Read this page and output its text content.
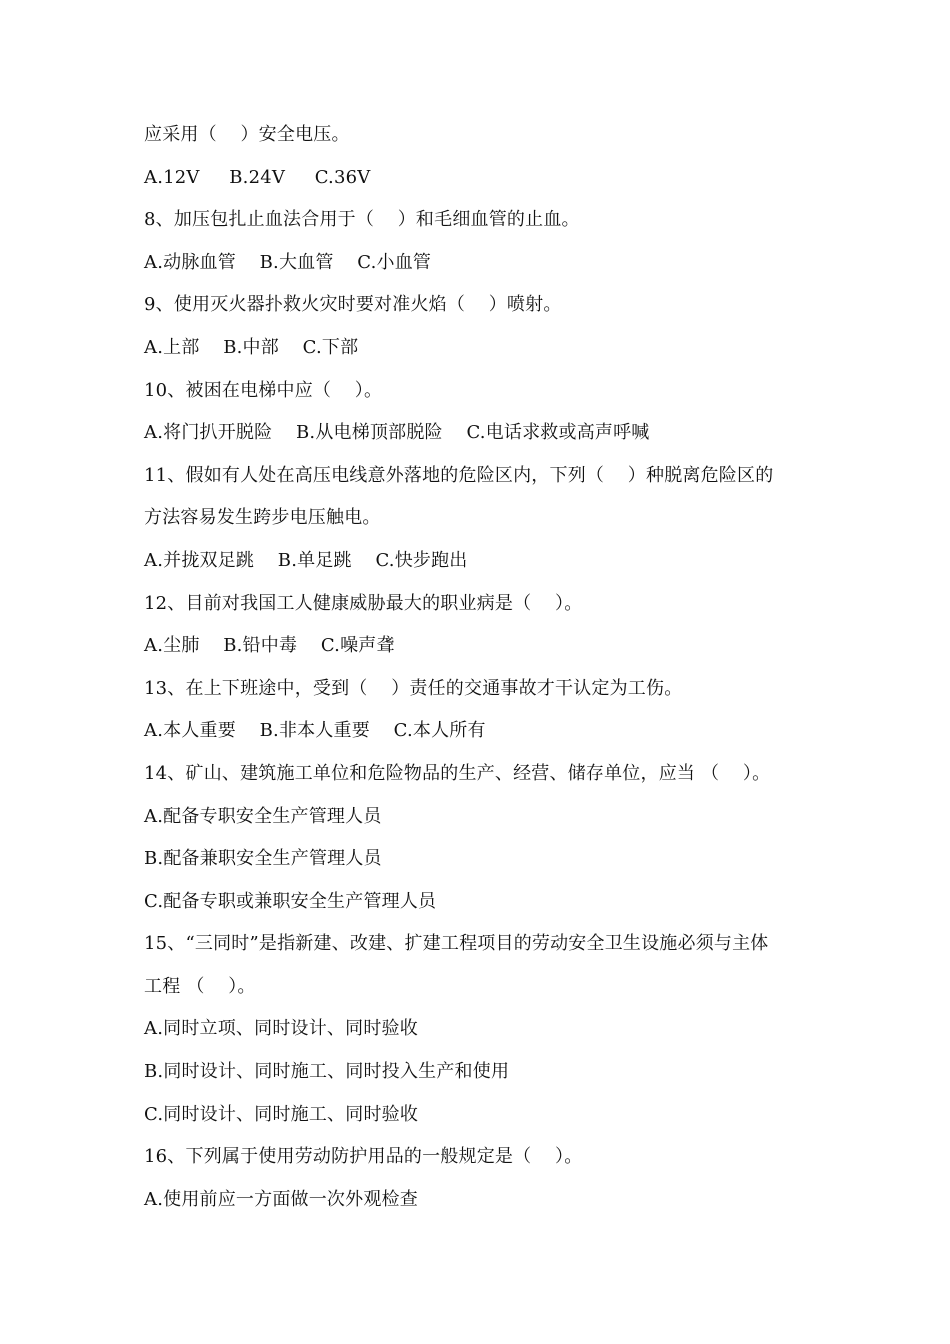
应采用（    ）安全电压。
A.12V     B.24V     C.36V
8、加压包扎止血法合用于（    ）和毛细血管的止血。
A.动脉血管    B.大血管    C.小血管
9、使用灭火器扑救火灾时要对准火焰（    ）喷射。
A.上部    B.中部    C.下部
10、被困在电梯中应（    ）。
A.将门扒开脱险    B.从电梯顶部脱险    C.电话求救或高声呼喊
11、假如有人处在高压电线意外落地的危险区内，下列（    ）种脱离危险区的
方法容易发生跨步电压触电。
A.并拢双足跳    B.单足跳    C.快步跑出
12、目前对我国工人健康威胁最大的职业病是（    ）。
A.尘肺    B.铅中毒    C.噪声聋
13、在上下班途中，受到（    ）责任的交通事故才干认定为工伤。
A.本人重要    B.非本人重要    C.本人所有
14、矿山、建筑施工单位和危险物品的生产、经营、储存单位，应当 （    ）。
A.配备专职安全生产管理人员
B.配备兼职安全生产管理人员
C.配备专职或兼职安全生产管理人员
15、“三同时”是指新建、改建、扩建工程项目的劳动安全卫生设施必须与主体
工程 （    ）。
A.同时立项、同时设计、同时验收
B.同时设计、同时施工、同时投入生产和使用
C.同时设计、同时施工、同时验收
16、下列属于使用劳动防护用品的一般规定是（    ）。
A.使用前应一方面做一次外观检查
